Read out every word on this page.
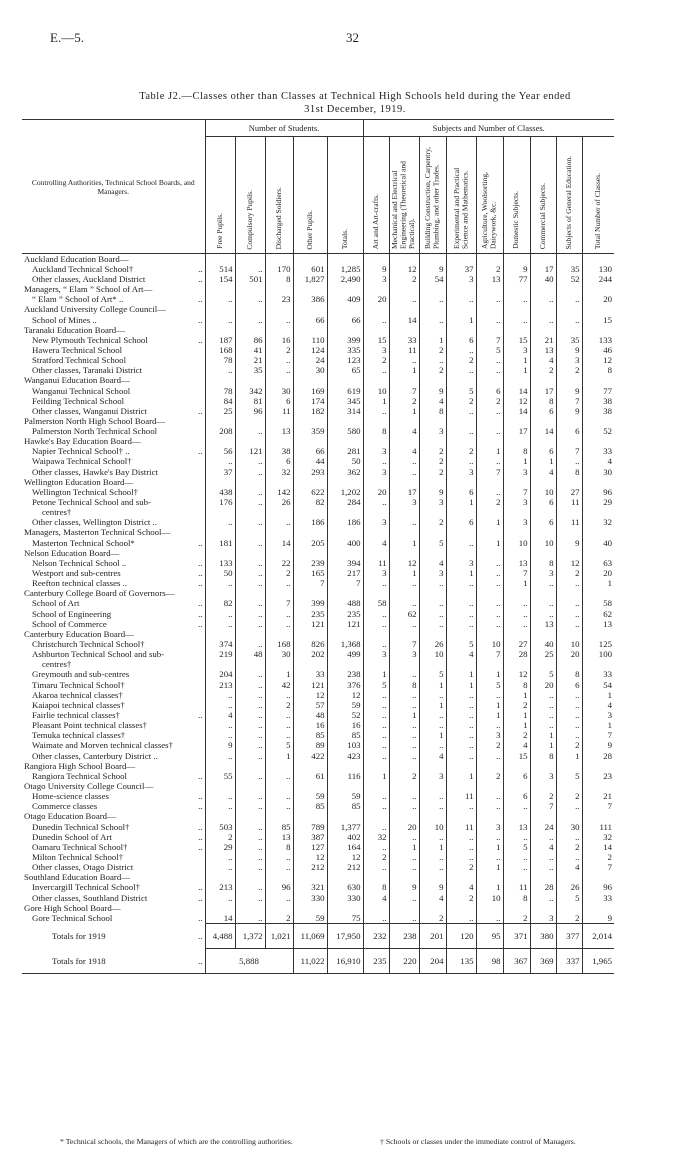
E.—5.	32
Table J2.—Classes other than Classes at Technical High Schools held during the Year ended
31st December, 1919.
Controlling Authorities, Technical School Boards, and Managers.	Number of Students.					Subjects and Number of Classes.								
	Free Pupils.	Compulsory Pupils.	Discharged Soldiers.	Other Pupils.	Totals.	Art and Art-crafts.	Mechanical and Electrical Engineering (Theoretical and Practical).	Building Construction, Carpentry, Plumbing, and other Trades.	Experimental and Practical Science and Mathematics.	Agriculture, Woolsorting, Dairywork, &c.	Domestic Subjects.	Commercial Subjects.	Subjects of General Education.	Total Number of Classes.
Auckland Education Board—														
Auckland Technical School† ..	514	..	170	601	1,285	9	12	9	37	2	9	17	35	130
Other classes, Auckland District ..	154	501	8	1,827	2,490	3	2	54	3	13	77	40	52	244
Managers, “ Elam ” School of Art—														
“ Elam ” School of Art* .. ..	..	..	23	386	409	20	..	..	..	..	..	..	..	20
Auckland University College Council—														
School of Mines .. ..	..	..	..	66	66	..	14	..	1	..	..	..	..	15
Taranaki Education Board—														
New Plymouth Technical School ..	187	86	16	110	399	15	33	1	6	7	15	21	35	133
Hawera Technical School	168	41	2	124	335	3	11	2	..	5	3	13	9	46
Stratford Technical School	78	21	..	24	123	2	..	..	2	..	1	4	3	12
Other classes, Taranaki District	..	35	..	30	65	..	1	2	..	..	1	2	2	8
Wanganui Education Board—														
Wanganui Technical School	78	342	30	169	619	10	7	9	5	6	14	17	9	77
Feilding Technical School	84	81	6	174	345	1	2	4	2	2	12	8	7	38
Other classes, Wanganui District ..	25	96	11	182	314	..	1	8	..	..	14	6	9	38
Palmerston North High School Board—														
Palmerston North Technical School	208	..	13	359	580	8	4	3	..	..	17	14	6	52
Hawke's Bay Education Board—														
Napier Technical School† .. ..	56	121	38	66	281	3	4	2	2	1	8	6	7	33
Waipawa Technical School†	..	..	6	44	50	..	..	2	..	..	1	1	..	4
Other classes, Hawke's Bay District	37	..	32	293	362	3	..	2	3	7	3	4	8	30
Wellington Education Board—														
Wellington Technical School†	438	..	142	622	1,202	20	17	9	6	..	7	10	27	96
Petone Technical School and sub-	176	..	26	82	284	..	3	3	1	2	3	6	11	29
centres†														
Other classes, Wellington District ..	..	..	..	186	186	3	..	2	6	1	3	6	11	32
Managers, Masterton Technical School—														
Masterton Technical School* ..	181	..	14	205	400	4	1	5	..	1	10	10	9	40
Nelson Education Board—														
Nelson Technical School .. ..	133	..	22	239	394	11	12	4	3	..	13	8	12	63
Westport and sub-centres ..	50	..	2	165	217	3	1	3	1	..	7	3	2	20
Reefton technical classes .. ..	..	..	..	7	7	..	..	..	..	..	1	..	..	1
Canterbury College Board of Governors—														
School of Art ..	82	..	7	399	488	58	..	..	..	..	..	..	..	58
School of Engineering ..	..	..	..	235	235	..	62	..	..	..	..	..	..	62
School of Commerce ..	..	..	..	121	121	..	..	..	..	..	..	13	..	13
Canterbury Education Board—														
Christchurch Technical School†	374	..	168	826	1,368	..	7	26	5	10	27	40	10	125
Ashburton Technical School and sub-	219	48	30	202	499	3	3	10	4	7	28	25	20	100
centres†														
Greymouth and sub-centres	204	..	1	33	238	1	..	5	1	1	12	5	8	33
Timaru Technical School†	213	..	42	121	376	5	8	1	1	5	8	20	6	54
Akaroa technical classes†	..	..	..	12	12	..	..	..	..	..	1	..	..	1
Kaiapoi technical classes†	..	..	2	57	59	..	..	1	..	1	2	..	..	4
Fairlie technical classes† ..	4	..	..	48	52	..	1	..	..	1	1	..	..	3
Pleasant Point technical classes†	..	..	..	16	16	..	..	..	..	..	1	..	..	1
Temuka technical classes†	..	..	..	85	85	..	..	1	..	3	2	1	..	7
Waimate and Morven technical classes†	9	..	5	89	103	..	..	..	..	2	4	1	2	9
Other classes, Canterbury District ..	..	..	1	422	423	..	..	4	..	..	15	8	1	28
Rangiora High School Board—														
Rangiora Technical School ..	55	..	..	61	116	1	2	3	1	2	6	3	5	23
Otago University College Council—														
Home-science classes ..	..	..	..	59	59	..	..	..	11	..	6	2	2	21
Commerce classes ..	..	..	..	85	85	..	..	..	..	..	..	7	..	7
Otago Education Board—														
Dunedin Technical School† ..	503	..	85	789	1,377	..	20	10	11	3	13	24	30	111
Dunedin School of Art ..	2	..	13	387	402	32	..	..	..	..	..	..	..	32
Oamaru Technical School† ..	29	..	8	127	164	..	1	1	..	1	5	4	2	14
Milton Technical School†	..	..	..	12	12	2	..	..	..	..	..	..	..	2
Other classes, Otago District	..	..	..	212	212	..	..	..	2	1	..	..	4	7
Southland Education Board—														
Invercargill Technical School† ..	213	..	96	321	630	8	9	9	4	1	11	28	26	96
Other classes, Southland District ..	..	..	..	330	330	4	..	4	2	10	8	..	5	33
Gore High School Board—														
Gore Technical School ..	14	..	2	59	75	..	..	2	..	..	2	3	2	9
Totals for 1919 ..	4,488	1,372	1,021	11,069	17,950	232	238	201	120	95	371	380	377	2,014
Totals for 1918 ..	5,888			11,022	16,910	235	220	204	135	98	367	369	337	1,965
* Technical schools, the Managers of which are the controlling authorities.	† Schools or classes under the immediate control of Managers.
